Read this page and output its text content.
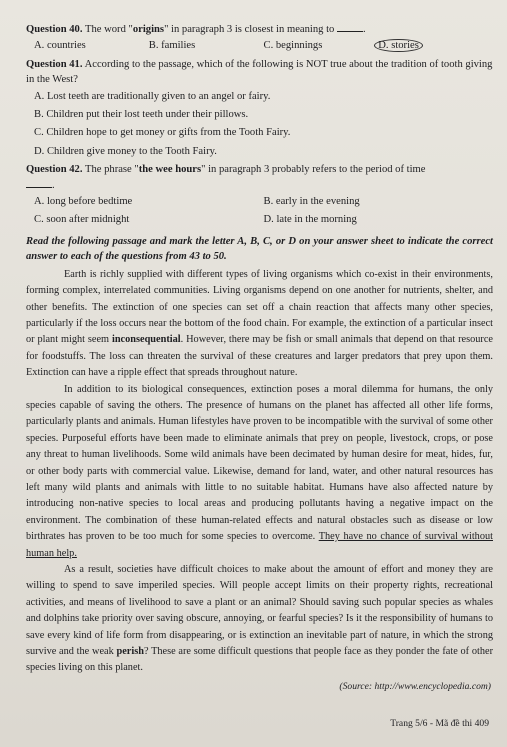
Question 40. The word "origins" in paragraph 3 is closest in meaning to	.

A. countries	B. families	C. beginnings	D. stories

Question 41. According to the passage, which of the following is NOT true about the tradition of tooth giving in the West?

A. Lost teeth are traditionally given to an angel or fairy.
B. Children put their lost teeth under their pillows.
C. Children hope to get money or gifts from the Tooth Fairy.
D. Children give money to the Tooth Fairy.

Question 42. The phrase "the wee hours" in paragraph 3 probably refers to the period of time
.

A. long before bedtime	B. early in the evening
C. soon after midnight	D. late in the morning

Read the following passage and mark the letter A, B, C, or D on your answer sheet to indicate the correct answer to each of the questions from 43 to 50.

Earth is richly supplied with different types of living organisms which co-exist in their environments, forming complex, interrelated communities. Living organisms depend on one another for nutrients, shelter, and other benefits. The extinction of one species can set off a chain reaction that affects many other species, particularly if the loss occurs near the bottom of the food chain. For example, the extinction of a particular insect or plant might seem inconsequential. However, there may be fish or small animals that depend on that resource for foodstuffs. The loss can threaten the survival of these creatures and larger predators that prey upon them. Extinction can have a ripple effect that spreads throughout nature.

In addition to its biological consequences, extinction poses a moral dilemma for humans, the only species capable of saving the others. The presence of humans on the planet has affected all other life forms, particularly plants and animals. Human lifestyles have proven to be incompatible with the survival of some other species. Purposeful efforts have been made to eliminate animals that prey on people, livestock, crops, or pose any threat to human livelihoods. Some wild animals have been decimated by human desire for meat, hides, fur, or other body parts with commercial value. Likewise, demand for land, water, and other natural resources has left many wild plants and animals with little to no suitable habitat. Humans have also affected nature by introducing non-native species to local areas and producing pollutants having a negative impact on the environment. The combination of these human-related effects and natural obstacles such as disease or low birthrates has proven to be too much for some species to overcome. They have no chance of survival without human help.

As a result, societies have difficult choices to make about the amount of effort and money they are willing to spend to save imperiled species. Will people accept limits on their property rights, recreational activities, and means of livelihood to save a plant or an animal? Should saving such popular species as whales and dolphins take priority over saving obscure, annoying, or fearful species? Is it the responsibility of humans to save every kind of life form from disappearing, or is extinction an inevitable part of nature, in which the strong survive and the weak perish? These are some difficult questions that people face as they ponder the fate of other species living on this planet.

(Source: http://www.encyclopedia.com)
Trang 5/6 - Mã đề thi 409
